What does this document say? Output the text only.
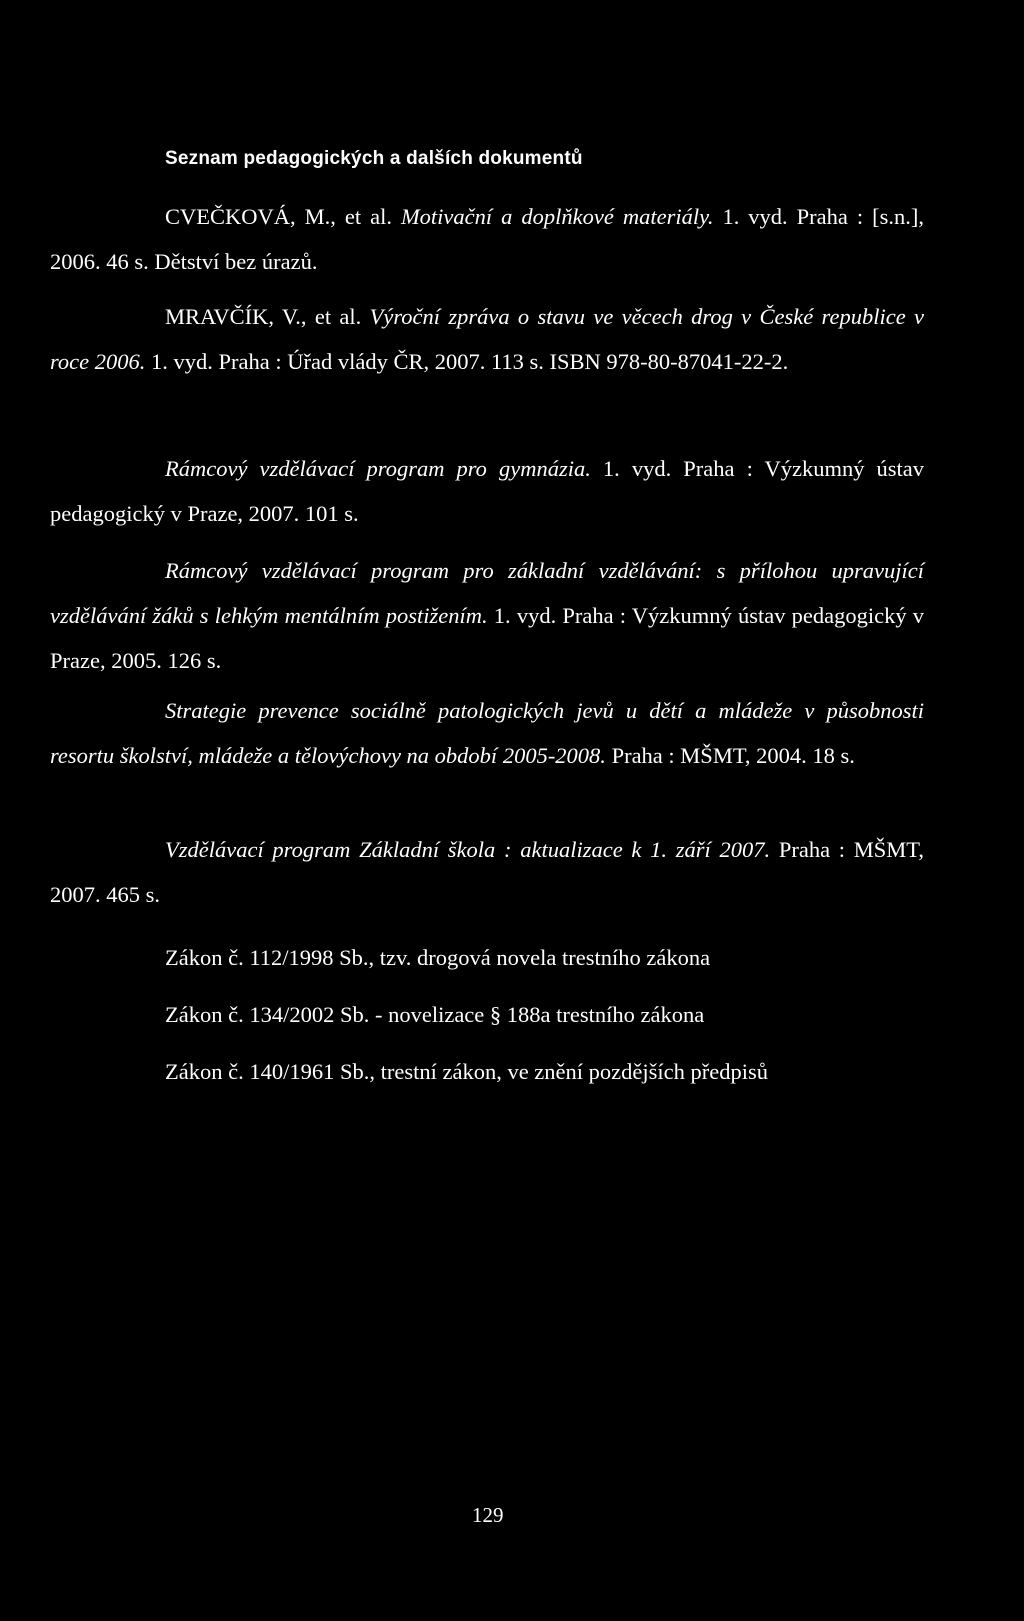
Seznam pedagogických a dalších dokumentů
CVEČKOVÁ, M., et al. Motivační a doplňkové materiály. 1. vyd. Praha : [s.n.], 2006. 46 s. Dětství bez úrazů.
MRAVČÍK, V., et al. Výroční zpráva o stavu ve věcech drog v České republice v roce 2006. 1. vyd. Praha : Úřad vlády ČR, 2007. 113 s. ISBN 978-80-87041-22-2.
Rámcový vzdělávací program pro gymnázia. 1. vyd. Praha : Výzkumný ústav pedagogický v Praze, 2007. 101 s.
Rámcový vzdělávací program pro základní vzdělávání: s přílohou upravující vzdělávání žáků s lehkým mentálním postižením. 1. vyd. Praha : Výzkumný ústav pedagogický v Praze, 2005. 126 s.
Strategie prevence sociálně patologických jevů u dětí a mládeže v působnosti resortu školství, mládeže a tělovýchovy na období 2005-2008. Praha : MŠMT, 2004. 18 s.
Vzdělávací program Základní škola : aktualizace k 1. září 2007. Praha : MŠMT, 2007. 465 s.
Zákon č. 112/1998 Sb., tzv. drogová novela trestního zákona
Zákon č. 134/2002 Sb. - novelizace § 188a trestního zákona
Zákon č. 140/1961 Sb., trestní zákon, ve znění pozdějších předpisů
129
